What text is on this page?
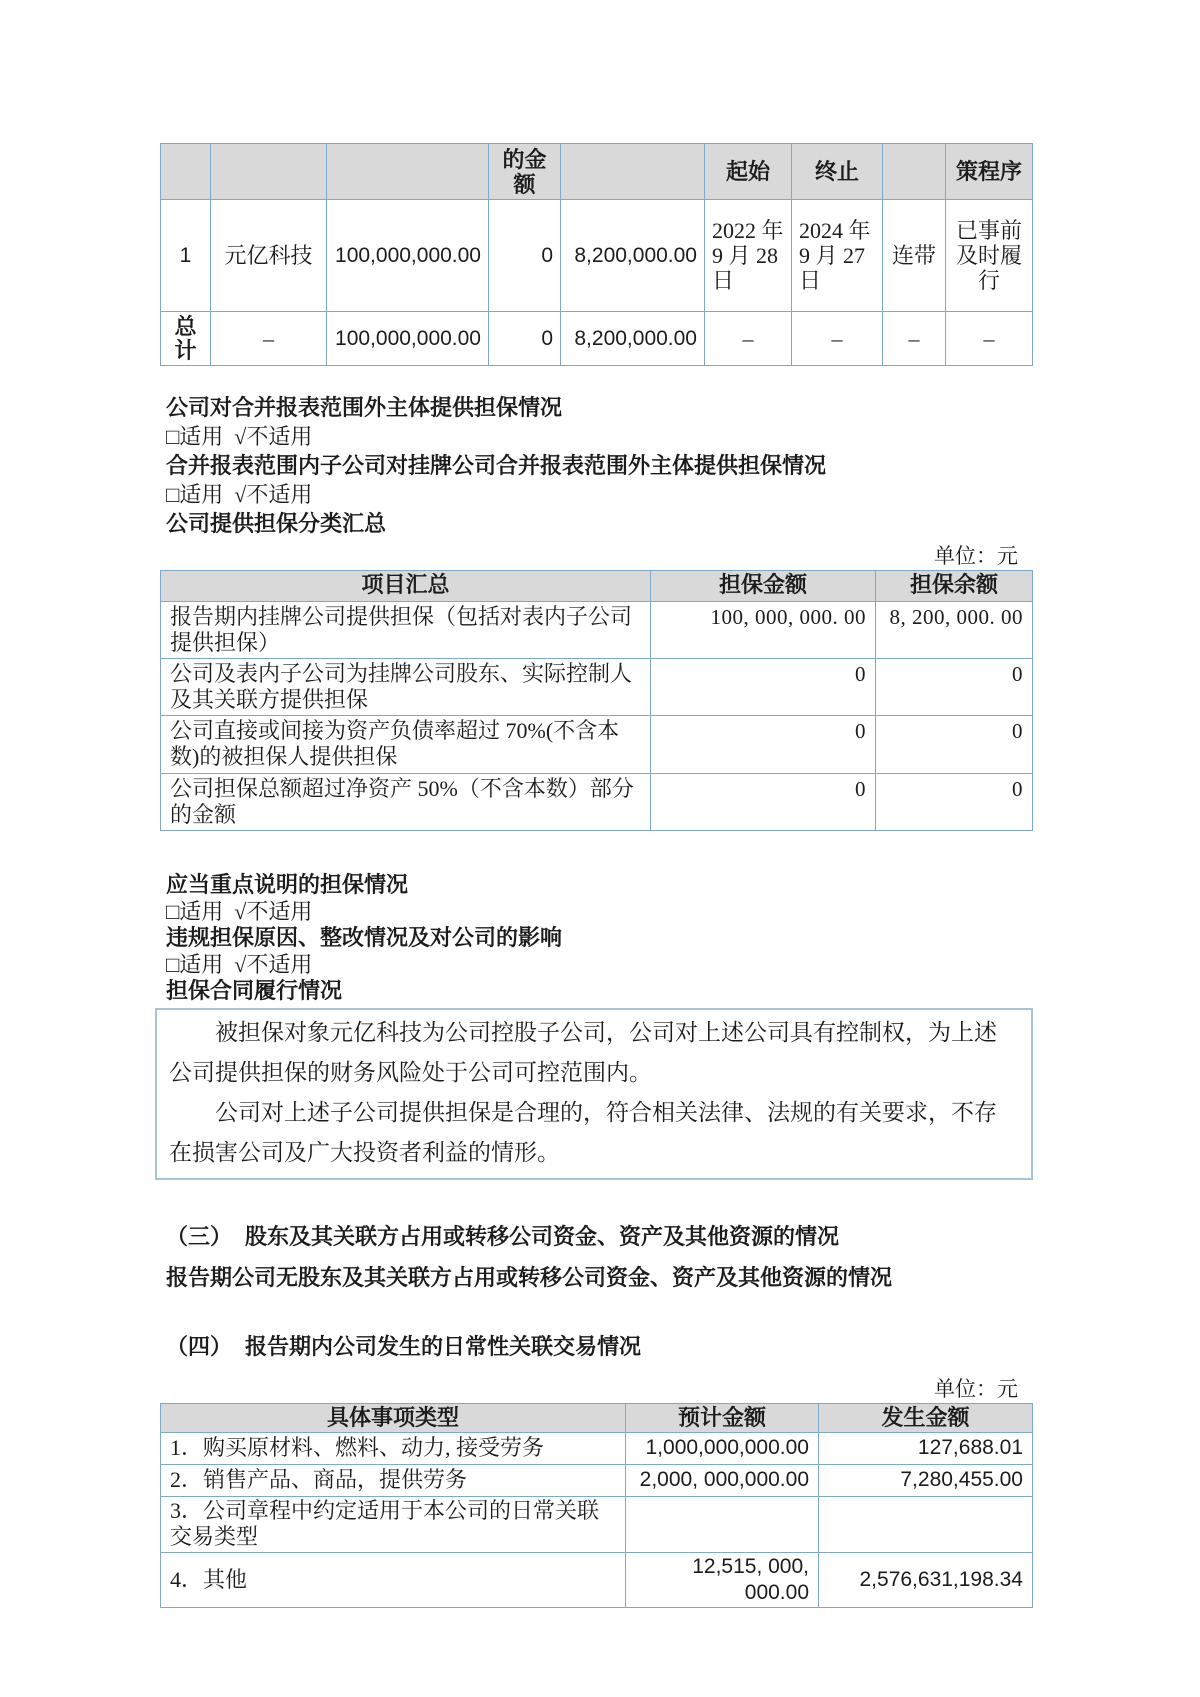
			的金额		起始	终止		策程序
1	元亿科技	100,000,000.00	0	8,200,000.00	2022 年 9 月 28 日	2024 年 9 月 27 日	连带	已事前及时履行
总计	–	100,000,000.00	0	8,200,000.00	–	–	–	–
公司对合并报表范围外主体提供担保情况
□适用  √不适用
合并报表范围内子公司对挂牌公司合并报表范围外主体提供担保情况
□适用  √不适用
公司提供担保分类汇总
单位：元
项目汇总	担保金额	担保余额
报告期内挂牌公司提供担保（包括对表内子公司提供担保）	100, 000, 000. 00	8, 200, 000. 00
公司及表内子公司为挂牌公司股东、实际控制人及其关联方提供担保	0	0
公司直接或间接为资产负债率超过 70%(不含本数)的被担保人提供担保	0	0
公司担保总额超过净资产 50%（不含本数）部分的金额	0	0
应当重点说明的担保情况
□适用  √不适用
违规担保原因、整改情况及对公司的影响
□适用  √不适用
担保合同履行情况

被担保对象元亿科技为公司控股子公司，公司对上述公司具有控制权，为上述公司提供担保的财务风险处于公司可控范围内。

公司对上述子公司提供担保是合理的，符合相关法律、法规的有关要求，不存在损害公司及广大投资者利益的情形。

（三） 股东及其关联方占用或转移公司资金、资产及其他资源的情况
报告期公司无股东及其关联方占用或转移公司资金、资产及其他资源的情况
（四） 报告期内公司发生的日常性关联交易情况
单位：元
具体事项类型	预计金额	发生金额
1．购买原材料、燃料、动力, 接受劳务	1,000,000,000.00	127,688.01
2．销售产品、商品，提供劳务	2,000, 000,000.00	7,280,455.00
3．公司章程中约定适用于本公司的日常关联交易类型		
4．其他	12,515, 000, 000.00	2,576,631,198.34
